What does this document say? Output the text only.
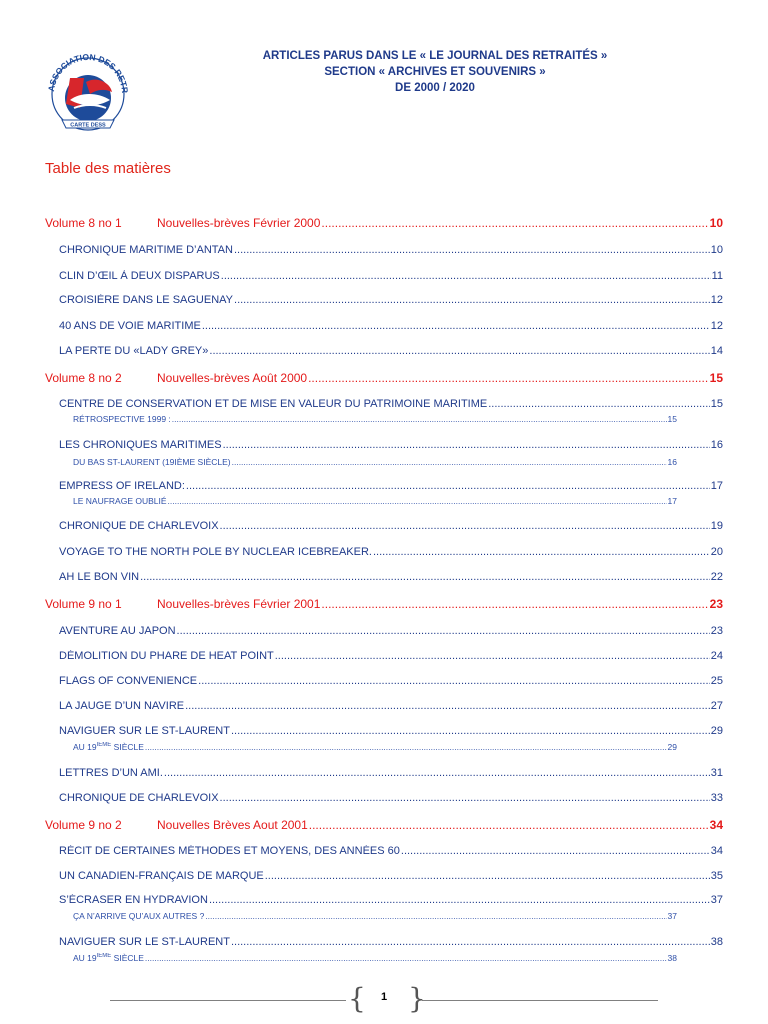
ASSOCIATION DES RETR
CARTE DESS
ARTICLES PARUS DANS LE « LE JOURNAL DES RETRAITÉS »
SECTION « ARCHIVES ET SOUVENIRS »
DE 2000 / 2020
Table des matières
Volume 8 no 1	Nouvelles-brèves Février 2000 .....	10
CHRONIQUE MARITIME D’ANTAN .....	10
CLIN D’ŒIL À DEUX DISPARUS .....	11
CROISIÈRE DANS LE SAGUENAY .....	12
40 ANS DE VOIE MARITIME .....	12
LA PERTE DU «LADY GREY» .....	14
Volume 8 no 2	Nouvelles-brèves Août 2000 .....	15
CENTRE DE CONSERVATION ET DE MISE EN VALEUR DU PATRIMOINE MARITIME .....	15
RÉTROSPECTIVE 1999 : .....	15
LES CHRONIQUES MARITIMES .....	16
DU BAS ST-LAURENT (19IÈME SIÈCLE) .....	16
EMPRESS OF IRELAND: .....	17
LE NAUFRAGE OUBLIÉ .....	17
CHRONIQUE DE CHARLEVOIX .....	19
VOYAGE TO THE NORTH POLE BY NUCLEAR ICEBREAKER. .....	20
AH LE BON VIN .....	22
Volume 9 no 1	Nouvelles-brèves Février 2001 .....	23
AVENTURE AU JAPON .....	23
DÉMOLITION DU PHARE DE HEAT POINT .....	24
FLAGS OF CONVENIENCE .....	25
LA JAUGE D’UN NAVIRE .....	27
NAVIGUER SUR LE ST-LAURENT .....	29
AU 19IÈME SIÈCLE .....	29
LETTRES D’UN AMI. .....	31
CHRONIQUE DE CHARLEVOIX .....	33
Volume 9 no 2	Nouvelles Brèves Aout 2001 .....	34
RÉCIT DE CERTAINES MÉTHODES ET MOYENS, DES ANNÉES 60 .....	34
UN CANADIEN-FRANÇAIS DE MARQUE .....	35
S’ÉCRASER EN HYDRAVION .....	37
ÇA N’ARRIVE QU’AUX AUTRES ? .....	37
NAVIGUER SUR LE ST-LAURENT .....	38
AU 19IÈME SIÈCLE .....	38
{ }
1
